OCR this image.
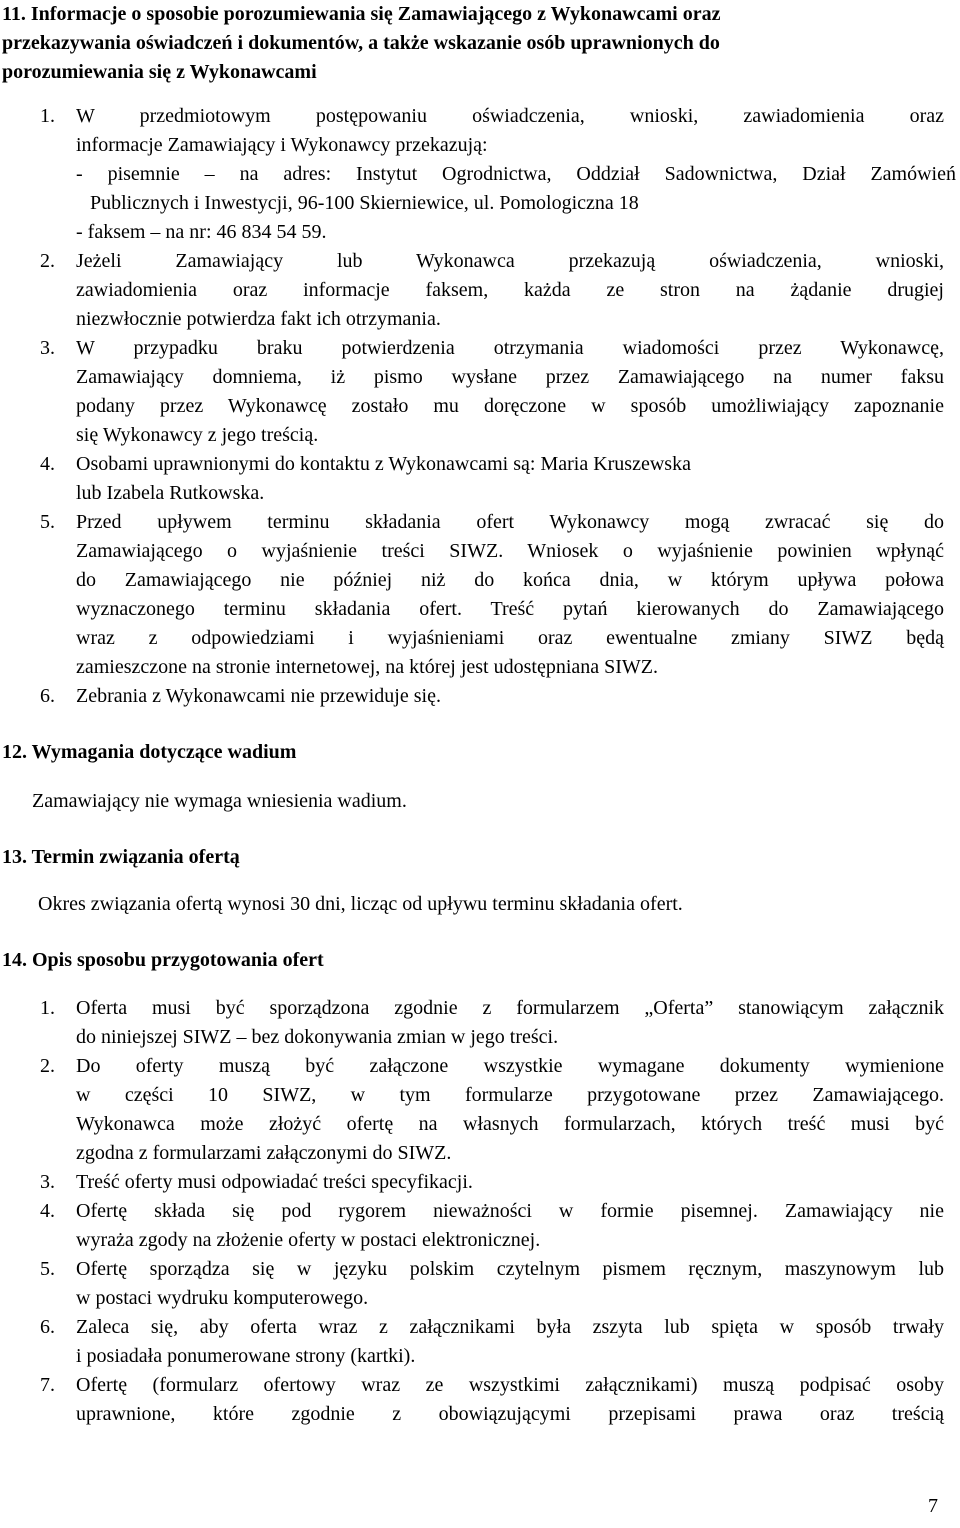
11. Informacje o sposobie porozumiewania się Zamawiającego z Wykonawcami oraz
przekazywania oświadczeń i dokumentów, a także wskazanie osób uprawnionych do
porozumiewania się z Wykonawcami
1. W przedmiotowym postępowaniu oświadczenia, wnioski, zawiadomienia oraz
informacje Zamawiający i Wykonawcy przekazują:
- pisemnie – na adres: Instytut Ogrodnictwa, Oddział Sadownictwa, Dział Zamówień
Publicznych i Inwestycji, 96-100 Skierniewice, ul. Pomologiczna 18
- faksem – na nr: 46 834 54 59.
2. Jeżeli Zamawiający lub Wykonawca przekazują oświadczenia, wnioski,
zawiadomienia oraz informacje faksem, każda ze stron na żądanie drugiej
niezwłocznie potwierdza fakt ich otrzymania.
3. W przypadku braku potwierdzenia otrzymania wiadomości przez Wykonawcę,
Zamawiający domniema, iż pismo wysłane przez Zamawiającego na numer faksu
podany przez Wykonawcę zostało mu doręczone w sposób umożliwiający zapoznanie
się Wykonawcy z jego treścią.
4. Osobami uprawnionymi do kontaktu z Wykonawcami są: Maria Kruszewska
lub Izabela Rutkowska.
5. Przed upływem terminu składania ofert Wykonawcy mogą zwracać się do
Zamawiającego o wyjaśnienie treści SIWZ. Wniosek o wyjaśnienie powinien wpłynąć
do Zamawiającego nie później niż do końca dnia, w którym upływa połowa
wyznaczonego terminu składania ofert. Treść pytań kierowanych do Zamawiającego
wraz z odpowiedziami i wyjaśnieniami oraz ewentualne zmiany SIWZ będą
zamieszczone na stronie internetowej, na której jest udostępniana SIWZ.
6. Zebrania z Wykonawcami nie przewiduje się.
12. Wymagania dotyczące wadium
Zamawiający nie wymaga wniesienia wadium.
13. Termin związania ofertą
Okres związania ofertą wynosi 30 dni, licząc od upływu terminu składania ofert.
14. Opis sposobu przygotowania ofert
1. Oferta musi być sporządzona zgodnie z formularzem „Oferta” stanowiącym załącznik
do niniejszej SIWZ – bez dokonywania zmian w jego treści.
2. Do oferty muszą być załączone wszystkie wymagane dokumenty wymienione
w części 10 SIWZ, w tym formularze przygotowane przez Zamawiającego.
Wykonawca może złożyć ofertę na własnych formularzach, których treść musi być
zgodna z formularzami załączonymi do SIWZ.
3. Treść oferty musi odpowiadać treści specyfikacji.
4. Ofertę składa się pod rygorem nieważności w formie pisemnej. Zamawiający nie
wyraża zgody na złożenie oferty w postaci elektronicznej.
5. Ofertę sporządza się w języku polskim czytelnym pismem ręcznym, maszynowym lub
w postaci wydruku komputerowego.
6. Zaleca się, aby oferta wraz z załącznikami była zszyta lub spięta w sposób trwały
i posiadała ponumerowane strony (kartki).
7. Ofertę (formularz ofertowy wraz ze wszystkimi załącznikami) muszą podpisać osoby
uprawnione, które zgodnie z obowiązującymi przepisami prawa oraz treścią
7
